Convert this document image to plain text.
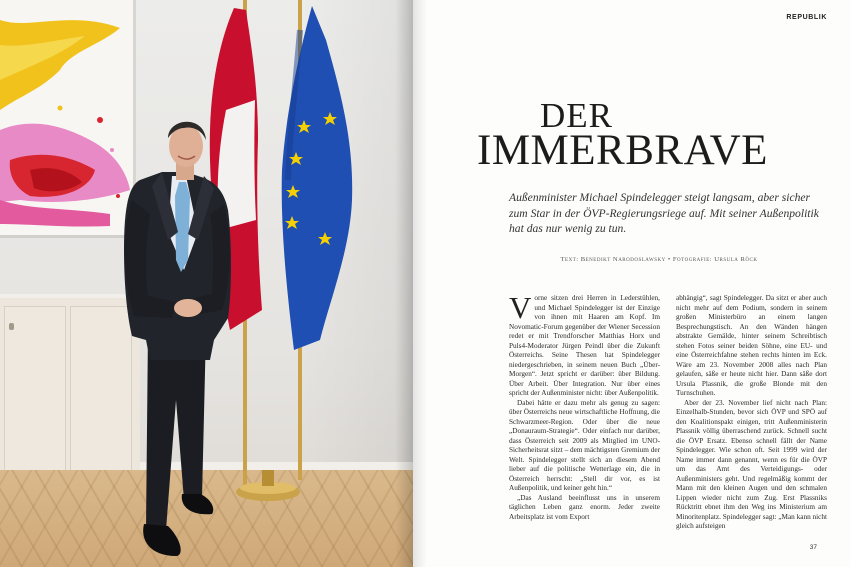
REPUBLIK
DER
IMMERBRAVE

Außenminister Michael Spindelegger steigt langsam, aber sicher zum Star in der ÖVP-Regierungsriege auf. Mit seiner Außenpolitik hat das nur wenig zu tun.

Text: Benedikt Narodoslawsky • Fotografie: Ursula Röck

Vorne sitzen drei Herren in Lederstühlen, und Michael Spindelegger ist der Einzige von ihnen mit Haaren am Kopf. Im Novomatic-Forum gegenüber der Wiener Secession redet er mit Trendforscher Matthias Horx und Puls4-Moderator Jürgen Peindl über die Zukunft Österreichs. Seine Thesen hat Spindelegger niedergeschrieben, in seinem neuen Buch „Über-Morgen“. Jetzt spricht er darüber: über Bildung. Über Arbeit. Über Integration. Nur über eines spricht der Außenminister nicht: über Außenpolitik.

Dabei hätte er dazu mehr als genug zu sagen: über Österreichs neue wirtschaftliche Hoffnung, die Schwarzmeer-Region. Oder über die neue „Donauraum-Strategie“. Oder einfach nur darüber, dass Österreich seit 2009 als Mitglied im UNO-Sicherheitsrat sitzt – dem mächtigsten Gremium der Welt. Spindelegger stellt sich an diesem Abend lieber auf die politische Wetterlage ein, die in Österreich herrscht: „Stell dir vor, es ist Außenpolitik, und keiner geht hin.“

„Das Ausland beeinflusst uns in unserem täglichen Leben ganz enorm. Jeder zweite Arbeitsplatz ist vom Export

abhängig“, sagt Spindelegger. Da sitzt er aber auch nicht mehr auf dem Podium, sondern in seinem großen Ministerbüro an einem langen Besprechungstisch. An den Wänden hängen abstrakte Gemälde, hinter seinem Schreibtisch stehen Fotos seiner beiden Söhne, eine EU- und eine Österreichfahne stehen rechts hinten im Eck. Wäre am 23. November 2008 alles nach Plan gelaufen, säße er heute nicht hier. Dann säße dort Ursula Plassnik, die große Blonde mit den Turnschuhen.

Aber der 23. November lief nicht nach Plan: Einzelhalb-Stunden, bevor sich ÖVP und SPÖ auf den Koalitionspakt einigen, tritt Außenministerin Plassnik völlig überraschend zurück. Schnell sucht die ÖVP Ersatz. Ebenso schnell fällt der Name Spindelegger. Wie schon oft. Seit 1999 wird der Name immer dann genannt, wenn es für die ÖVP um das Amt des Verteidigungs- oder Außenministers geht. Und regelmäßig kommt der Mann mit den kleinen Augen und den schmalen Lippen wieder nicht zum Zug. Erst Plassniks Rücktritt ebnet ihm den Weg ins Ministerium am Minoritenplatz. Spindelegger sagt: „Man kann nicht gleich aufsteigen

37
